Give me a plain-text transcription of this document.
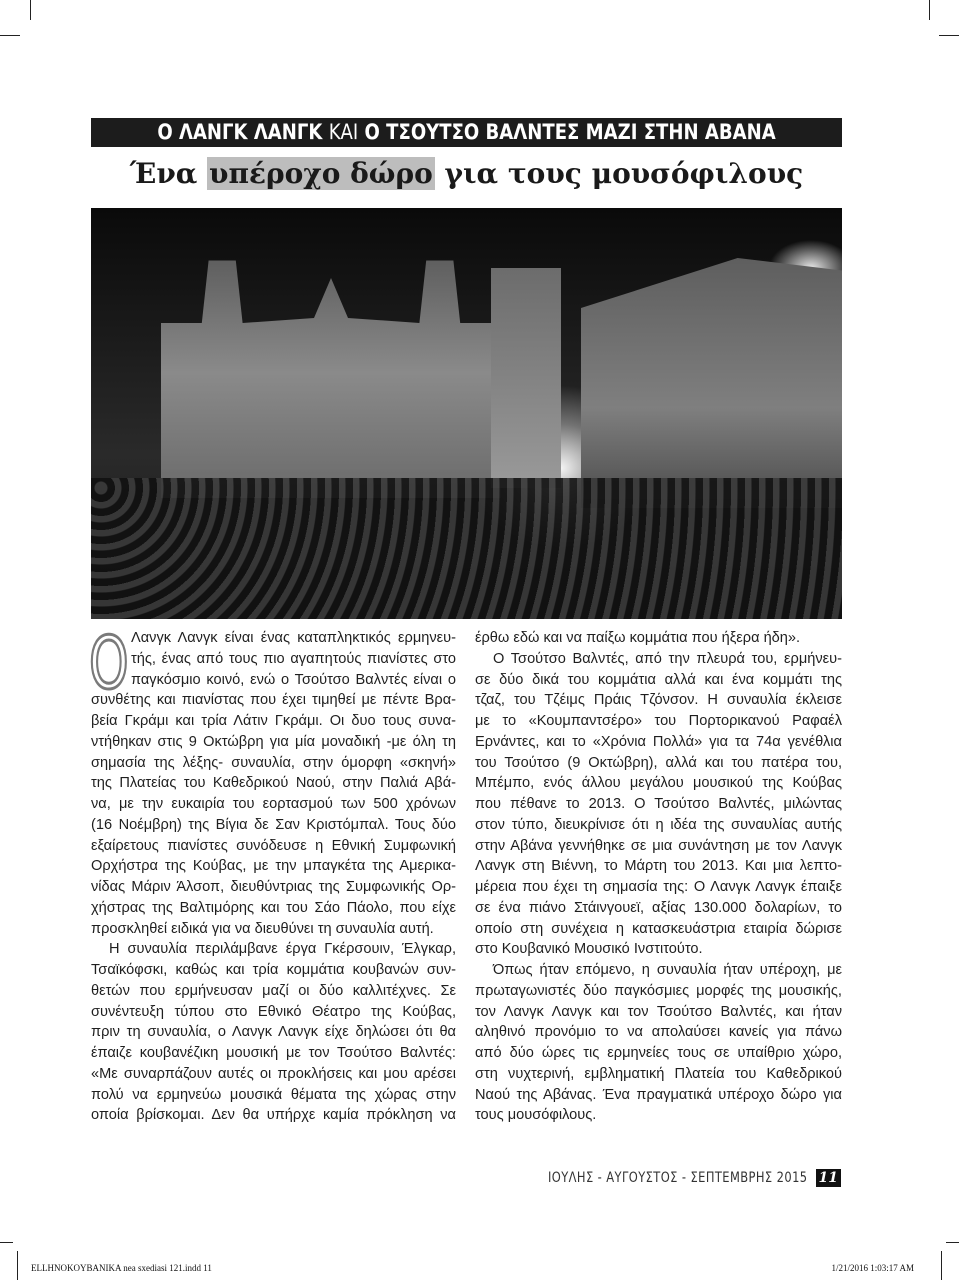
Ο ΛΑΝΓΚ ΛΑΝΓΚ ΚΑΙ Ο ΤΣΟΥΤΣΟ ΒΑΛΝΤΕΣ ΜΑΖΙ ΣΤΗΝ ΑΒΑΝΑ
Ένα υπέροχο δώρο για τους μουσόφιλους
Ο Λανγκ Λανγκ είναι ένας καταπληκτικός ερμηνευ-
τής, ένας από τους πιο αγαπητούς πιανίστες στο
παγκόσμιο κοινό, ενώ ο Τσούτσο Βαλντές είναι ο
συνθέτης και πιανίστας που έχει τιμηθεί με πέντε Βρα-
βεία Γκράμι και τρία Λάτιν Γκράμι. Οι δυο τους συνα-
ντήθηκαν στις 9 Οκτώβρη για μία μοναδική -με όλη τη
σημασία της λέξης- συναυλία, στην όμορφη «σκηνή»
της Πλατείας του Καθεδρικού Ναού, στην Παλιά Αβά-
να, με την ευκαιρία του εορτασμού των 500 χρόνων
(16 Νοέμβρη) της Βίγια δε Σαν Κριστόμπαλ. Τους δύο
εξαίρετους πιανίστες συνόδευσε η Εθνική Συμφωνική
Ορχήστρα της Κούβας, με την μπαγκέτα της Αμερικα-
νίδας Μάριν Άλσοπ, διευθύντριας της Συμφωνικής Ορ-
χήστρας της Βαλτιμόρης και του Σάο Πάολο, που είχε
προσκληθεί ειδικά για να διευθύνει τη συναυλία αυτή.
Η συναυλία περιλάμβανε έργα Γκέρσουιν, Έλγκαρ,
Τσαϊκόφσκι, καθώς και τρία κομμάτια κουβανών συν-
θετών που ερμήνευσαν μαζί οι δύο καλλιτέχνες. Σε
συνέντευξη τύπου στο Εθνικό Θέατρο της Κούβας,
πριν τη συναυλία, ο Λανγκ Λανγκ είχε δηλώσει ότι θα
έπαιζε κουβανέζικη μουσική με τον Τσούτσο Βαλντές:
«Με συναρπάζουν αυτές οι προκλήσεις και μου αρέσει
πολύ να ερμηνεύω μουσικά θέματα της χώρας στην
οποία βρίσκομαι. Δεν θα υπήρχε καμία πρόκληση να
έρθω εδώ και να παίξω κομμάτια που ήξερα ήδη».
Ο Τσούτσο Βαλντές, από την πλευρά του, ερμήνευ-
σε δύο δικά του κομμάτια αλλά και ένα κομμάτι της
τζαζ, του Τζέιμς Πράις Τζόνσον. Η συναυλία έκλεισε
με το «Κουμπαντσέρο» του Πορτορικανού Ραφαέλ
Ερνάντες, και το «Χρόνια Πολλά» για τα 74α γενέθλια
του Τσούτσο (9 Οκτώβρη), αλλά και του πατέρα του,
Μπέμπο, ενός άλλου μεγάλου μουσικού της Κούβας
που πέθανε το 2013. Ο Τσούτσο Βαλντές, μιλώντας
στον τύπο, διευκρίνισε ότι η ιδέα της συναυλίας αυτής
στην Αβάνα γεννήθηκε σε μια συνάντηση με τον Λανγκ
Λανγκ στη Βιέννη, το Μάρτη του 2013. Και μια λεπτο-
μέρεια που έχει τη σημασία της: Ο Λανγκ Λανγκ έπαιξε
σε ένα πιάνο Στάινγουεϊ, αξίας 130.000 δολαρίων, το
οποίο στη συνέχεια η κατασκευάστρια εταιρία δώρισε
στο Κουβανικό Μουσικό Ινστιτούτο.
Όπως ήταν επόμενο, η συναυλία ήταν υπέροχη, με
πρωταγωνιστές δύο παγκόσμιες μορφές της μουσικής,
τον Λανγκ Λανγκ και τον Τσούτσο Βαλντές, και ήταν
αληθινό προνόμιο το να απολαύσει κανείς για πάνω
από δύο ώρες τις ερμηνείες τους σε υπαίθριο χώρο,
στη νυχτερινή, εμβληματική Πλατεία του Καθεδρικού
Ναού της Αβάνας. Ένα πραγματικά υπέροχο δώρο για
τους μουσόφιλους.
ΙΟΥΛΗΣ - ΑΥΓΟΥΣΤΟΣ - ΣΕΠΤΕΜΒΡΗΣ 2015 11
ELLHNOKOYBANIKA nea sxediasi 121.indd 11	1/21/2016 1:03:17 AM
